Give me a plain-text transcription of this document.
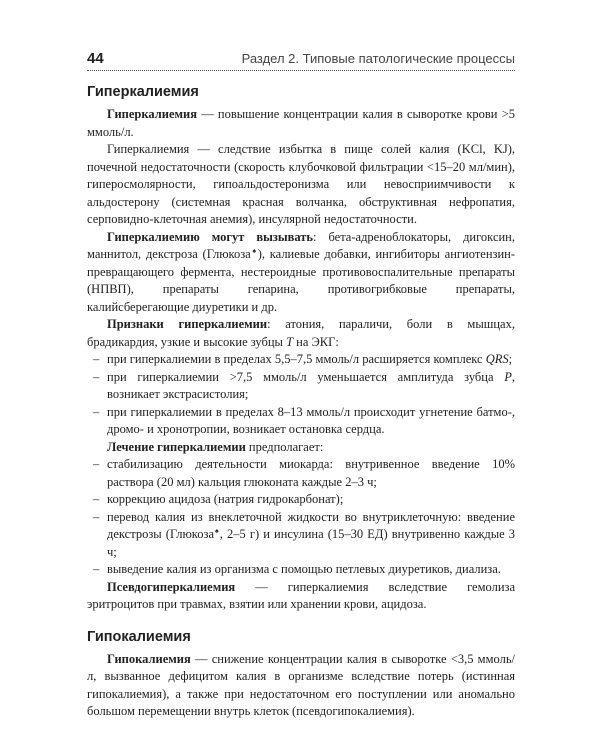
44	Раздел 2. Типовые патологические процессы
Гиперкалиемия

Гиперкалиемия — повышение концентрации калия в сыворотке крови >5 ммоль/л.

Гиперкалиемия — следствие избытка в пище солей калия (KCl, KJ), почечной недостаточности (скорость клубочковой фильтрации <15–20 мл/мин), гиперосмолярности, гипоальдостеронизма или невосприимчивости к альдостерону (системная красная волчанка, обструктивная нефропатия, серповидно-клеточная анемия), инсулярной недостаточности.

Гиперкалиемию могут вызывать: бета-адреноблокаторы, дигоксин, маннитол, декстроза (Глюкоза♠), калиевые добавки, ингибиторы ангиотензин-превращающего фермента, нестероидные противовоспалительные препараты (НПВП), препараты гепарина, противогрибковые препараты, калийсберегающие диуретики и др.

Признаки гиперкалиемии: атония, параличи, боли в мышцах, брадикардия, узкие и высокие зубцы T на ЭКГ:

– при гиперкалиемии в пределах 5,5–7,5 ммоль/л расширяется комплекс QRS;
– при гиперкалиемии >7,5 ммоль/л уменьшается амплитуда зубца P, возникает экстрасистолия;
– при гиперкалиемии в пределах 8–13 ммоль/л происходит угнетение батмо-, дромо- и хронотропии, возникает остановка сердца.

Лечение гиперкалиемии предполагает:

– стабилизацию деятельности миокарда: внутривенное введение 10% раствора (20 мл) кальция глюконата каждые 2–3 ч;
– коррекцию ацидоза (натрия гидрокарбонат);
– перевод калия из внеклеточной жидкости во внутриклеточную: введение декстрозы (Глюкоза♠, 2–5 г) и инсулина (15–30 ЕД) внутривенно каждые 3 ч;
– выведение калия из организма с помощью петлевых диуретиков, диализа.

Псевдогиперкалиемия — гиперкалиемия вследствие гемолиза эритроцитов при травмах, взятии или хранении крови, ацидоза.

Гипокалиемия

Гипокалиемия — снижение концентрации калия в сыворотке <3,5 ммоль/л, вызванное дефицитом калия в организме вследствие потерь (истинная гипокалиемия), а также при недостаточном его поступлении или аномально большом перемещении внутрь клеток (псевдогипокалиемия).
